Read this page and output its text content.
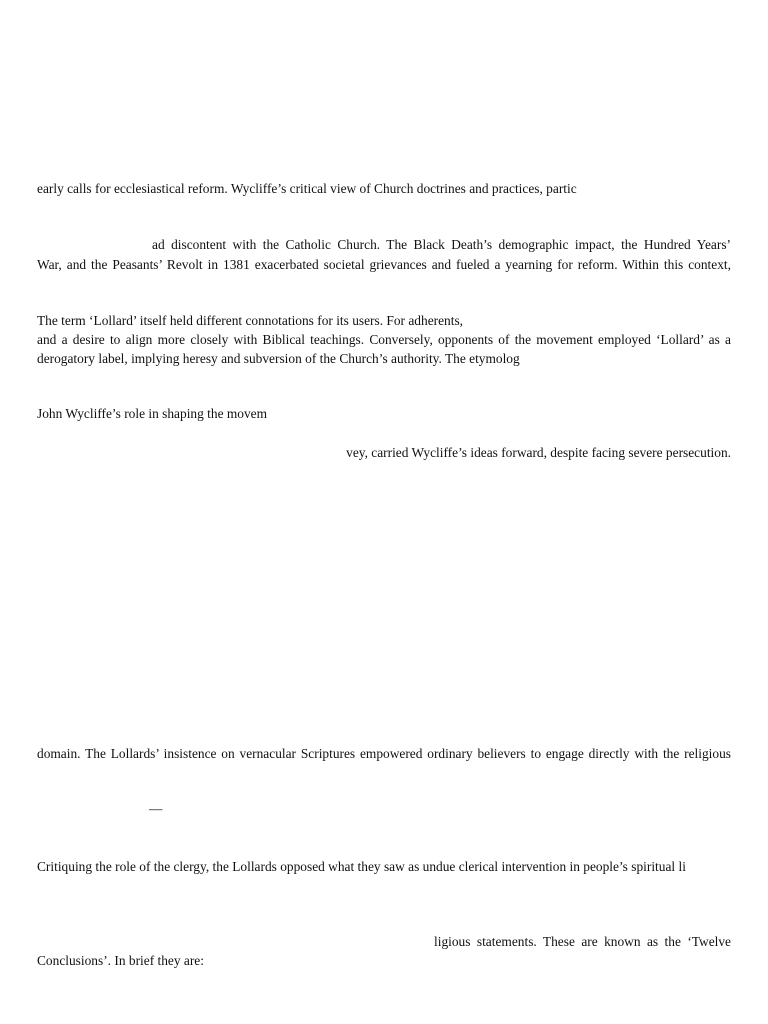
early calls for ecclesiastical reform. Wycliffe’s critical view of Church doctrines and practices, partic
ad discontent with the Catholic Church. The Black Death’s demographic impact, the Hundred Years’
War, and the Peasants’ Revolt in 1381 exacerbated societal grievances and fueled a yearning for reform. Within this context,
The term ‘Lollard’ itself held different connotations for its users. For adherents,
and a desire to align more closely with Biblical teachings. Conversely, opponents of the movement employed ‘Lollard’ as a
derogatory label, implying heresy and subversion of the Church’s authority. The etymolog
John Wycliffe’s role in shaping the movem
vey, carried Wycliffe’s ideas forward, despite facing severe persecution.
domain. The Lollards’ insistence on vernacular Scriptures empowered ordinary believers to engage directly with the religious
—
Critiquing the role of the clergy, the Lollards opposed what they saw as undue clerical intervention in people’s spiritual li
ligious statements. These are known as the ‘Twelve
Conclusions’. In brief they are:
